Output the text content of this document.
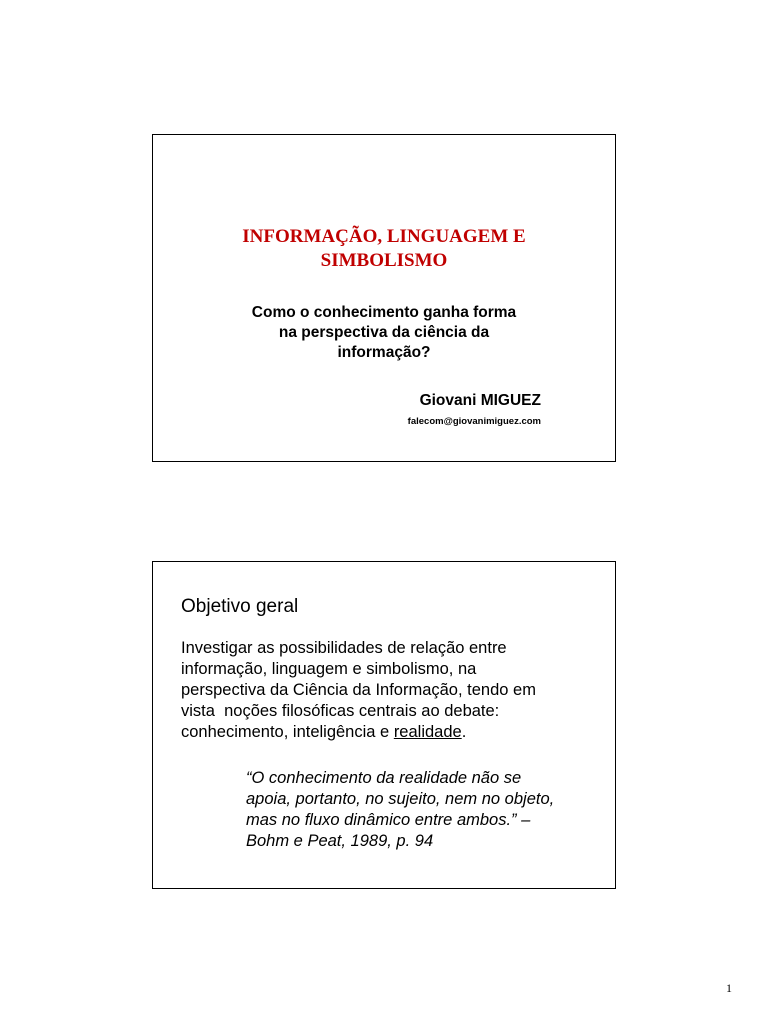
INFORMAÇÃO, LINGUAGEM E
SIMBOLISMO
Como o conhecimento ganha forma
na perspectiva da ciência da
informação?
Giovani MIGUEZ
falecom@giovanimiguez.com
Objetivo geral
Investigar as possibilidades de relação entre
informação, linguagem e simbolismo, na
perspectiva da Ciência da Informação, tendo em
vista  noções filosóficas centrais ao debate:
conhecimento, inteligência e realidade.
“O conhecimento da realidade não se
apoia, portanto, no sujeito, nem no objeto,
mas no fluxo dinâmico entre ambos.” –
Bohm e Peat, 1989, p. 94
1
